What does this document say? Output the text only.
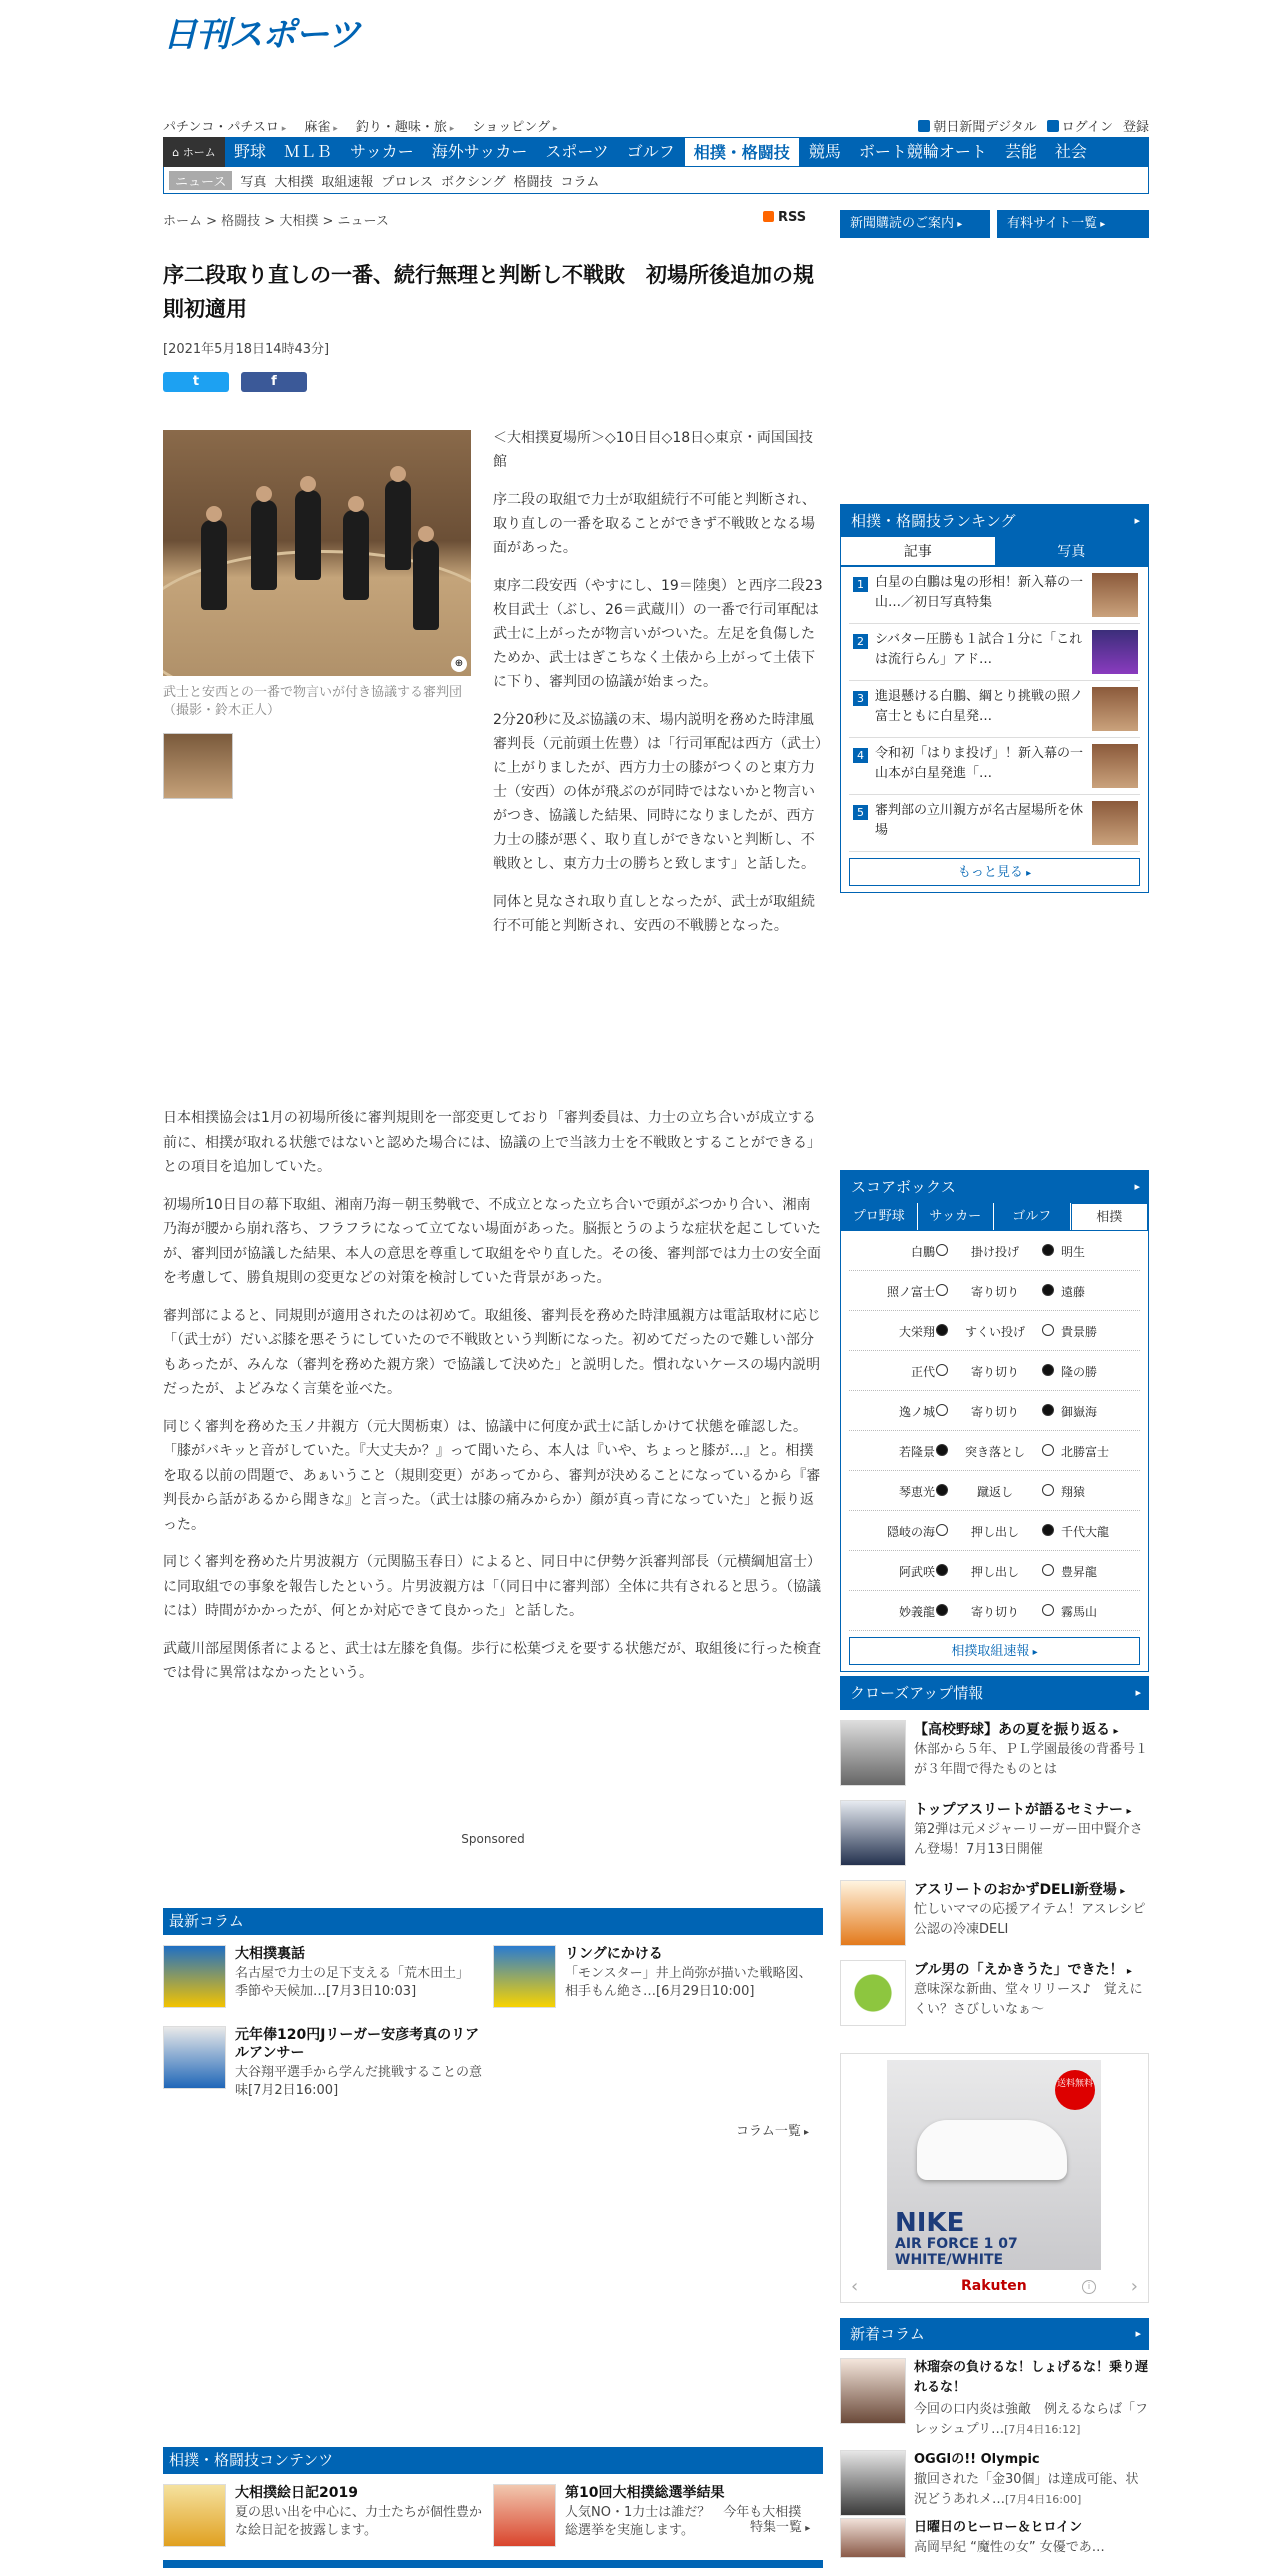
日刊スポーツ
パチンコ・パチスロ ▸ 麻雀 ▸ 釣り・趣味・旅 ▸ ショッピング ▸	朝日新聞デジタル	ログイン 登録
⌂
ホーム	野球	ＭＬＢ	サッカー	海外サッカー	スポーツ	ゴルフ	相撲・格闘技	競馬	ボート競輪オート	芸能	社会
ニュース	写真 大相撲 取組速報 プロレス ボクシング 格闘技 コラム
ホーム > 格闘技 > 大相撲 > ニュース	RSS	新聞購読のご案内 ▸	有料サイト一覧 ▸
序二段取り直しの一番、続行無理と判断し不戦敗　初場所後追加の規則初適用
[2021年5月18日14時43分]
t	f
⊕
武士と安西との一番で物言いが付き協議する審判団（撮影・鈴木正人）

＜大相撲夏場所＞◇10日目◇18日◇東京・両国国技館

序二段の取組で力士が取組続行不可能と判断され、取り直しの一番を取ることができず不戦敗となる場面があった。

東序二段安西（やすにし、19＝陸奥）と西序二段23枚目武士（ぶし、26＝武蔵川）の一番で行司軍配は武士に上がったが物言いがついた。左足を負傷したためか、武士はぎこちなく土俵から上がって土俵下に下り、審判団の協議が始まった。

2分20秒に及ぶ協議の末、場内説明を務めた時津風審判長（元前頭土佐豊）は「行司軍配は西方（武士）に上がりましたが、西方力士の膝がつくのと東方力士（安西）の体が飛ぶのが同時ではないかと物言いがつき、協議した結果、同時になりましたが、西方力士の膝が悪く、取り直しができないと判断し、不戦敗とし、東方力士の勝ちと致します」と話した。

同体と見なされ取り直しとなったが、武士が取組続行不可能と判断され、安西の不戦勝となった。

日本相撲協会は1月の初場所後に審判規則を一部変更しており「審判委員は、力士の立ち合いが成立する前に、相撲が取れる状態ではないと認めた場合には、協議の上で当該力士を不戦敗とすることができる」との項目を追加していた。

初場所10日目の幕下取組、湘南乃海－朝玉勢戦で、不成立となった立ち合いで頭がぶつかり合い、湘南乃海が腰から崩れ落ち、フラフラになって立てない場面があった。脳振とうのような症状を起こしていたが、審判団が協議した結果、本人の意思を尊重して取組をやり直した。その後、審判部では力士の安全面を考慮して、勝負規則の変更などの対策を検討していた背景があった。

審判部によると、同規則が適用されたのは初めて。取組後、審判長を務めた時津風親方は電話取材に応じ「（武士が）だいぶ膝を悪そうにしていたので不戦敗という判断になった。初めてだったので難しい部分もあったが、みんな（審判を務めた親方衆）で協議して決めた」と説明した。慣れないケースの場内説明だったが、よどみなく言葉を並べた。

同じく審判を務めた玉ノ井親方（元大関栃東）は、協議中に何度か武士に話しかけて状態を確認した。「膝がバキッと音がしていた。『大丈夫か？』って聞いたら、本人は『いや、ちょっと膝が…』と。相撲を取る以前の問題で、あぁいうこと（規則変更）があってから、審判が決めることになっているから『審判長から話があるから聞きな』と言った。（武士は膝の痛みからか）顔が真っ青になっていた」と振り返った。

同じく審判を務めた片男波親方（元関脇玉春日）によると、同日中に伊勢ケ浜審判部長（元横綱旭富士）に同取組での事象を報告したという。片男波親方は「（同日中に審判部）全体に共有されると思う。（協議には）時間がかかったが、何とか対応できて良かった」と話した。

武蔵川部屋関係者によると、武士は左膝を負傷。歩行に松葉づえを要する状態だが、取組後に行った検査では骨に異常はなかったという。

Sponsored
最新コラム
大相撲裏話
名古屋で力士の足下支える「荒木田土」　季節や天候加…[7月3日10:03]
リングにかける
「モンスター」井上尚弥が描いた戦略図、相手もん絶さ…[6月29日10:00]
元年俸120円Jリーガー安彦考真のリアルアンサー
大谷翔平選手から学んだ挑戦することの意味[7月2日16:00]
コラム一覧 ▸
相撲・格闘技コンテンツ
大相撲絵日記2019
夏の思い出を中心に、力士たちが個性豊かな絵日記を披露します。
第10回大相撲総選挙結果
人気NO・1力士は誰だ？　今年も大相撲総選挙を実施します。	特集一覧 ▸
相撲・格闘技ランキング ▸
記事	写真
1 白星の白鵬は鬼の形相！新入幕の一山…／初日写真特集
2 シバター圧勝も１試合１分に「これは流行らん」アド…
3 進退懸ける白鵬、綱とり挑戦の照ノ富士ともに白星発…
4 令和初「はりま投げ」！新入幕の一山本が白星発進「…
5 審判部の立川親方が名古屋場所を休場
もっと見る ▸
スコアボックス ▸
プロ野球	サッカー	ゴルフ	相撲
白鵬	掛け投げ	明生
照ノ富士	寄り切り	遠藤
大栄翔	すくい投げ	貴景勝
正代	寄り切り	隆の勝
逸ノ城	寄り切り	御嶽海
若隆景	突き落とし	北勝富士
琴恵光	蹴返し	翔猿
隠岐の海	押し出し	千代大龍
阿武咲	押し出し	豊昇龍
妙義龍	寄り切り	霧馬山
相撲取組速報 ▸
クローズアップ情報 ▸
【高校野球】あの夏を振り返る ▸
休部から５年、ＰＬ学園最後の背番号１が３年間で得たものとは
トップアスリートが語るセミナー ▸
第2弾は元メジャーリーガー田中賢介さん登場！7月13日開催
アスリートのおかずDELI新登場 ▸
忙しいママの応援アイテム！アスレシピ公認の冷凍DELI
ブル男の「えかきうた」できた！ ▸
意味深な新曲、堂々リリース♪　覚えにくい？さびしいなぁ～
送料無料
NIKE
AIR FORCE 1 07
WHITE/WHITE
‹	›
Rakuten	i
新着コラム ▸
林瑠奈の負けるな！しょげるな！乗り遅れるな！
今回の口内炎は強敵　例えるならば「フレッシュプリ…[7月4日16:12]
OGGIの!! Olympic
撤回された「金30個」は達成可能、状況どうあれメ…[7月4日16:00]
日曜日のヒーロー＆ヒロイン
高岡早紀 “魔性の女” 女優であ…
